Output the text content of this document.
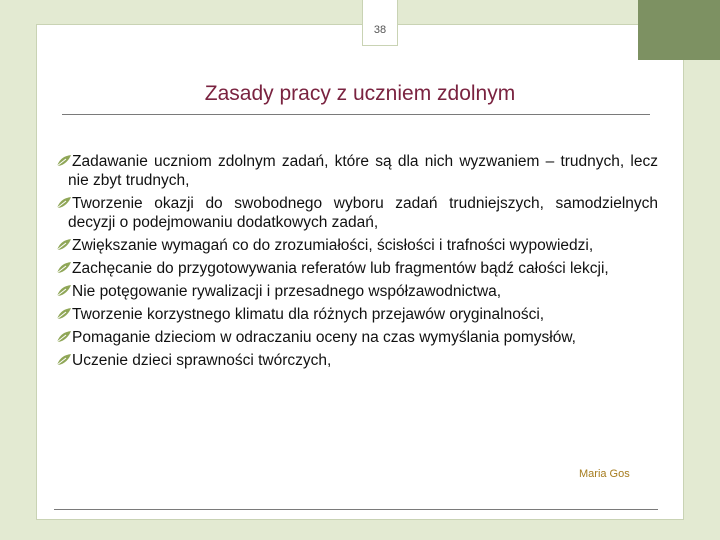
38
Zasady pracy z uczniem zdolnym
Zadawanie uczniom zdolnym zadań, które są dla nich wyzwaniem – trudnych, lecz nie zbyt trudnych,
Tworzenie okazji do swobodnego wyboru zadań trudniejszych, samodzielnych decyzji o podejmowaniu dodatkowych zadań,
Zwiększanie wymagań co do zrozumiałości, ścisłości i trafności wypowiedzi,
Zachęcanie do przygotowywania referatów lub fragmentów bądź całości lekcji,
Nie potęgowanie rywalizacji i przesadnego współzawodnictwa,
Tworzenie korzystnego klimatu dla różnych przejawów oryginalności,
Pomaganie dzieciom w odraczaniu oceny na czas wymyślania pomysłów,
Uczenie dzieci sprawności twórczych,
Maria Gos
